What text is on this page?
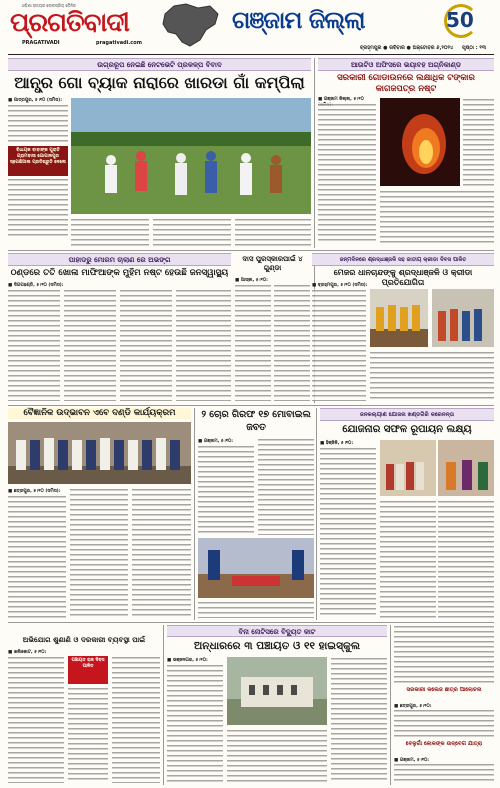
ଓଡ଼ିଶା ରାଜ୍ୟର ଲୋକପ୍ରିୟ ଦୈନିକ
ପ୍ରଗତିବାଦୀ
PRAGATIVADI	pragativadi.com
ଗଞ୍ଜାମ ଜିଲ୍ଲା	50
ବ୍ରହ୍ମପୁର ● ରବିବାର ● ଅକ୍ଟୋବର ୬,୨୦୨୪ ପୃଷ୍ଠା : ୧୩
ଉଗ୍ରରୂପ ନେଇଛି ନେଟଭେଟି ପ୍ରକଳ୍ପ ବିବାଦ
ଆନ୍ଧ୍ର ଗୋ ବ୍ୟାକ ନାରାରେ ଖାରଡା ଗାଁ କମ୍ପିଲା
■ ପାତ୍ରପୁର, ୫।୧୦ (ସମିସ):
ବିଧାୟକ ବାବାଙ୍କ ପୁରାତି ଗ୍ରାମବାସୀ ଗୋପାଳପୁର ସ୍ପେଶିଆଲ ପ୍ରତିଶ୍ରୁତି ଦେଲେ
ଆଉଟିଓ ଅଫିସରେ ଭୟାବହ ଅଗ୍ନିକାଣ୍ଡ
ସରକାରୀ ଗୋଡାଉନରେ ଲକ୍ଷାଧିକ ଟଙ୍କାର କାଗଜପତ୍ର ନଷ୍ଟ
■ ଗଞ୍ଜାମ ଜିଲ୍ଲା, ୫।୧୦
ପାହାଡରୁ ମୋରମ ଚାଲାଣ ରେ ଅଭଙ୍ଗ
ଠଣ୍ଡରେ ତତି ଖୋଳା ମାଫିଆଙ୍କ ମୁହିମ ନଷ୍ଟ ହେଉଛି ଜନସ୍ୱାସ୍ଥ୍ୟ
■ ଦିଗପହଣ୍ଡି, ୫।୧୦ (ସମିସ):
ଦାସ ପୁରସ୍କାରପାଇଁ ୪ ଗୁଣ୍ଡା
■ ଆସ୍କା, ୫।୧୦:
ଜନ୍ମଦିନରେ ଶ୍ରଦ୍ଧାଞ୍ଜଳି ସହ ଜାତୀୟ କ୍ରୀଡା ଦିବସ ପାଳିତ
ମେଜର ଧାନଚାନ୍ଦଙ୍କୁ ଶ୍ରଦ୍ଧାଞ୍ଜଳି ଓ କ୍ରୀଡା ପ୍ରତିଯୋଗିତା
■ ବ୍ରହ୍ମପୁର, ୫।୧୦ (ସମିସ):
ବୈଜ୍ଞାନିକ ଉଦ୍ଭାବନ ଏବେ ଦଣ୍ଡି କାର୍ଯ୍ୟକ୍ରମ
■ ଛତ୍ରପୁର, ୫।୧୦ (ସମିସ):
୨ ଚୋର ଗିରଫ ୧୭ ମୋବାଇଲ ଜବତ
■ ଗଞ୍ଜାମ, ୫।୧୦:
ଜନକଲ୍ୟାଣ ଯୋଜନା ଖଣ୍ଡଗିରି କରେନନ୍ତା
ଯୋଜନାର ସଫଳ ରୂପାୟନ ଲକ୍ଷ୍ୟ
■ ହିଞ୍ଜିଳି, ୫।୧୦:
ଅଭିଯୋଗ ଶୁଣାଣି ଓ ଦରକାରୀ ବ୍ୟବସ୍ଥା ପାଇଁ
■ ଖଲିକୋଟ, ୫।୧୦:
ପଞ୍ଚାୟତ ରାଜ ଦିବସ ପାଳିତ
ବିନା ନୋଟିସରେ ବିଦ୍ୟୁତ କାଟ
ଅନ୍ଧାରରେ ୩ ପଞ୍ଚାୟତ ଓ ୧୧ ହାଇସ୍କୁଲ
■ ଭଞ୍ଜନଗର, ୫।୧୦:
ସରକାରୀ କଲେଜ ଛାତ୍ର ଆଲୋଚନା
■ ଛତ୍ରପୁର, ୫।୧୦:
ବେଳୁଗାଁ ଲୋକଙ୍କ ଉଦ୍ବେଗ ଯାତ୍ରା
■ ଗଞ୍ଜାମ, ୫।୧୦:
